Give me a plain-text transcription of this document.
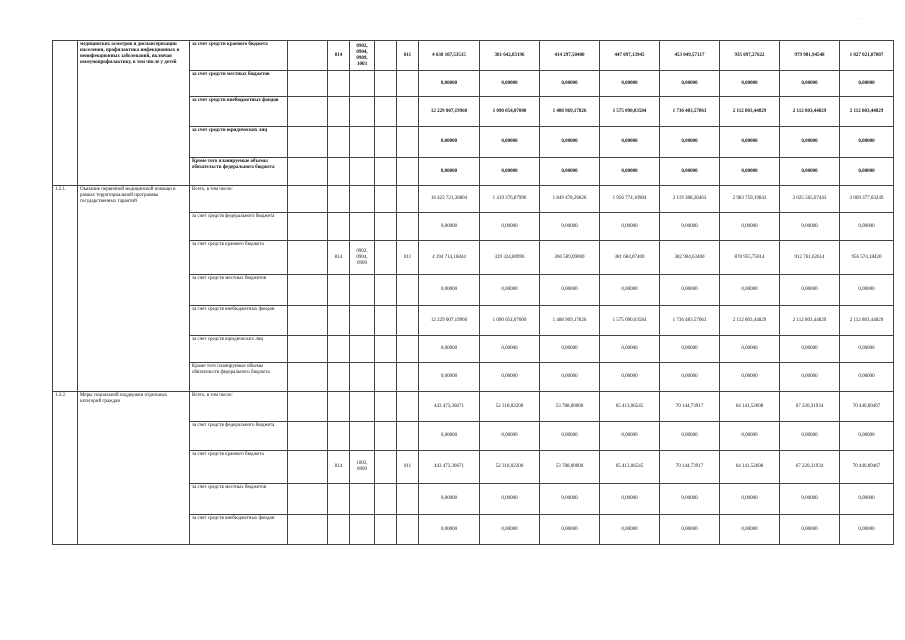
·
	медицинских осмотров и диспансеризации населения, профилактика инфекционных и неинфекционных заболеваний, включая иммунопрофилактику, в том числе у детей	за счет средств краевого бюджета		814	0902, 0904, 0909, 1003		011	4 638 107,53515	381 642,83196	414 297,50400	447 097,13945	453 049,57317	935 097,27622	979 981,94548	1 027 021,07807
		за счет средств местных бюджетов						0,00000	0,00000	0,00000	0,00000	0,00000	0,00000	0,00000	0,00000
		за счет средств внебюджетных фондов						12 229 007,19960	1 090 054,07000	1 488 969,17826	1 575 090,03584	1 736 483,57063	2 112 803,44829	2 112 803,44829	2 112 803,44829
		за счет средств юридических лиц						0,00000	0,00000	0,00000	0,00000	0,00000	0,00000	0,00000	0,00000
		Кроме того планируемые объемы обязательств федерального бюджета						0,00000	0,00000	0,00000	0,00000	0,00000	0,00000	0,00000	0,00000
1.2.1.	Оказание первичной медицинской помощи в рамках территориальной программы государственных гарантий	Всего, в том числе:						16 423 721,36804	1 419 376,87996	1 849 478,26826	1 956 774,10984	2 119 388,20463	2 983 759,19843	3 025 565,07443	3 069 377,63249
		за счет средств федерального бюджета						0,00000	0,00000	0,00000	0,00000	0,00000	0,00000	0,00000	0,00000
		за счет средств краевого бюджета		814	0902, 0904, 0909		011	4 194 714,16844	329 324,80996	360 509,09000	381 684,07400	382 904,63400	870 955,75014	912 761,62614	956 574,18420
		за счет средств местных бюджетов						0,00000	0,00000	0,00000	0,00000	0,00000	0,00000	0,00000	0,00000
		за счет средств внебюджетных фондов						12 229 007,19960	1 090 054,07000	1 488 969,17826	1 575 090,03584	1 736 483,57063	2 112 803,44829	2 112 803,44829	2 112 803,44829
		за счет средств юридических лиц						0,00000	0,00000	0,00000	0,00000	0,00000	0,00000	0,00000	0,00000
		Кроме того планируемые объемы обязательств федерального бюджета						0,00000	0,00000	0,00000	0,00000	0,00000	0,00000	0,00000	0,00000
1.2.2.	Меры социальной поддержки отдельных категорий граждан	Всего, в том числе:						443 473,36671	52 318,02200	53 788,00000	65 413,06545	70 144,73917	64 141,52608	67 220,31934	70 440,89467
		за счет средств федерального бюджета						0,00000	0,00000	0,00000	0,00000	0,00000	0,00000	0,00000	0,00000
		за счет средств краевого бюджета		814	1003, 0909		011	443 473,36671	52 318,02200	53 788,00000	65 413,06545	70 144,73917	64 141,52608	67 220,31934	70 440,89467
		за счет средств местных бюджетов						0,00000	0,00000	0,00000	0,00000	0,00000	0,00000	0,00000	0,00000
		за счет средств внебюджетных фондов						0,00000	0,00000	0,00000	0,00000	0,00000	0,00000	0,00000	0,00000
